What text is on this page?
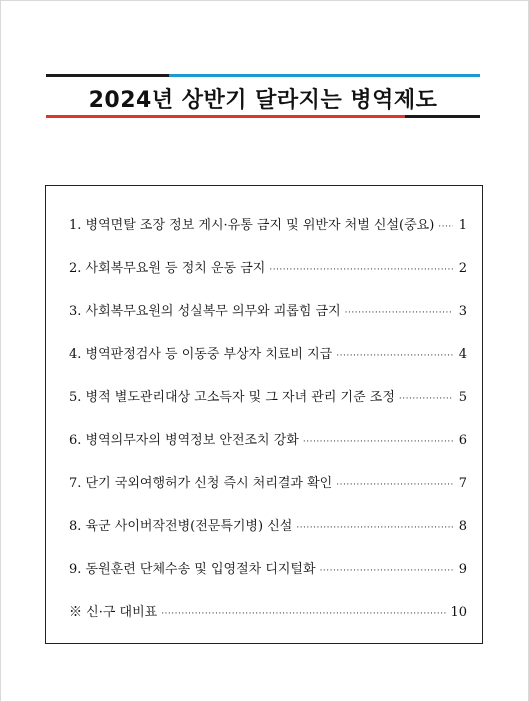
2024년 상반기 달라지는 병역제도
1. 병역면탈 조장 정보 게시·유통 금지 및 위반자 처벌 신설(중요) ····· 1
2. 사회복무요원 등 정치 운동 금지 ·····	2
3. 사회복무요원의 성실복무 의무와 괴롭힘 금지 ·····	3
4. 병역판정검사 등 이동중 부상자 치료비 지급 ·····	4
5. 병적 별도관리대상 고소득자 및 그 자녀 관리 기준 조정 ·····	5
6. 병역의무자의 병역정보 안전조치 강화 ·····	6
7. 단기 국외여행허가 신청 즉시 처리결과 확인 ·····	7
8. 육군 사이버작전병(전문특기병) 신설 ·····	8
9. 동원훈련 단체수송 및 입영절차 디지털화 ·····	9
※ 신·구 대비표 ·····	10
